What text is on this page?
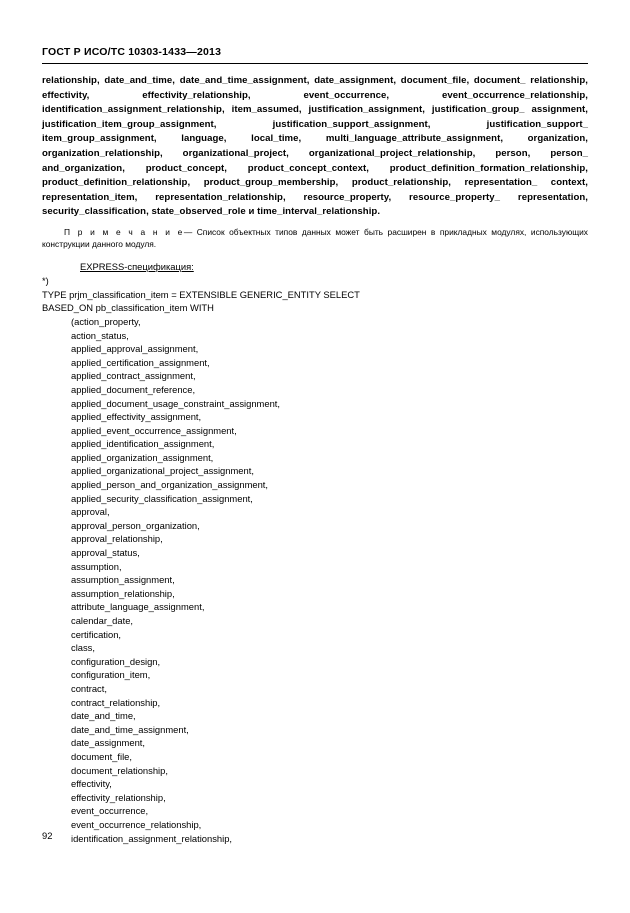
ГОСТ Р ИСО/ТС 10303-1433—2013
relationship, date_and_time, date_and_time_assignment, date_assignment, document_file, document_ relationship, effectivity, effectivity_relationship, event_occurrence, event_occurrence_relationship, identification_assignment_relationship, item_assumed, justification_assignment, justification_group_ assignment, justification_item_group_assignment, justification_support_assignment, justification_support_ item_group_assignment, language, local_time, multi_language_attribute_assignment, organization, organization_relationship, organizational_project, organizational_project_relationship, person, person_ and_organization, product_concept, product_concept_context, product_definition_formation_relationship, product_definition_relationship, product_group_membership, product_relationship, representation_ context, representation_item, representation_relationship, resource_property, resource_property_ representation, security_classification, state_observed_role и time_interval_relationship.
П р и м е ч а н и е— Список объектных типов данных может быть расширен в прикладных модулях, использующих конструкции данного модуля.
EXPRESS-спецификация:
*)
TYPE prjm_classification_item = EXTENSIBLE GENERIC_ENTITY SELECT
BASED_ON pb_classification_item WITH
(action_property,
action_status,
applied_approval_assignment,
applied_certification_assignment,
applied_contract_assignment,
applied_document_reference,
applied_document_usage_constraint_assignment,
applied_effectivity_assignment,
applied_event_occurrence_assignment,
applied_identification_assignment,
applied_organization_assignment,
applied_organizational_project_assignment,
applied_person_and_organization_assignment,
applied_security_classification_assignment,
approval,
approval_person_organization,
approval_relationship,
approval_status,
assumption,
assumption_assignment,
assumption_relationship,
attribute_language_assignment,
calendar_date,
certification,
class,
configuration_design,
configuration_item,
contract,
contract_relationship,
date_and_time,
date_and_time_assignment,
date_assignment,
document_file,
document_relationship,
effectivity,
effectivity_relationship,
event_occurrence,
event_occurrence_relationship,
identification_assignment_relationship,
92
